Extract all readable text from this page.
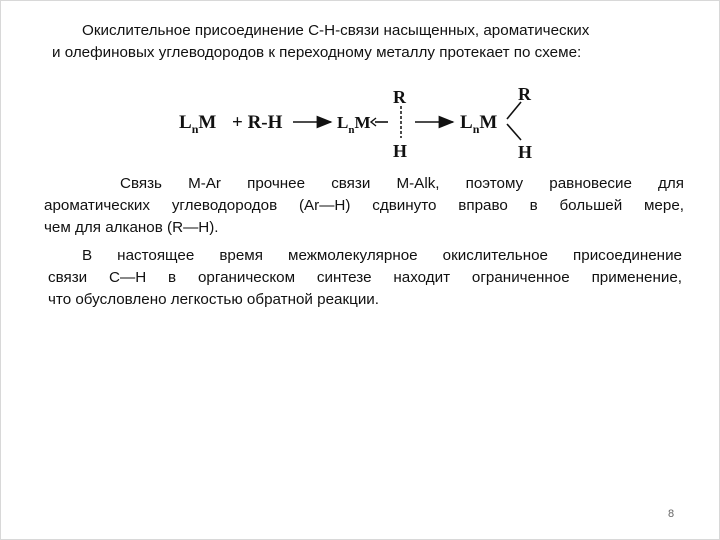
Окислительное присоединение С-Н-связи насыщенных, ароматических
и олефиновых углеводородов к переходному металлу протекает по схеме:
$L_nM + R-H$	$L_nM$
R
H
$L_nM$
R
H
Связь M-Ar прочнее связи M-Alk, поэтому равновесие для
ароматических углеводородов (Ar—H) сдвинуто вправо в большей мере,
чем для алканов (R—H).
В настоящее время межмолекулярное окислительное присоединение
связи С—Н в органическом синтезе находит ограниченное применение,
что обусловлено легкостью обратной реакции.
8
